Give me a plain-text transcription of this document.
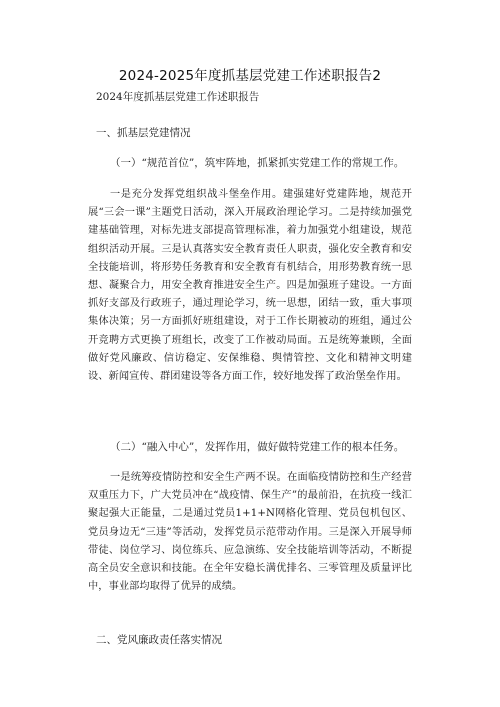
2024-2025年度抓基层党建工作述职报告2
2024年度抓基层党建工作述职报告
一、抓基层党建情况
（一）“规范首位”，筑牢阵地，抓紧抓实党建工作的常规工作。
一是充分发挥党组织战斗堡垒作用。建强建好党建阵地，规范开展“三会一课”主题党日活动，深入开展政治理论学习。二是持续加强党建基础管理，对标先进支部提高管理标准，着力加强党小组建设，规范组织活动开展。三是认真落实安全教育责任人职责，强化安全教育和安全技能培训，将形势任务教育和安全教育有机结合，用形势教育统一思想、凝聚合力，用安全教育推进安全生产。四是加强班子建设。一方面抓好支部及行政班子，通过理论学习，统一思想，团结一致，重大事项集体决策；另一方面抓好班组建设，对于工作长期被动的班组，通过公开竞聘方式更换了班组长，改变了工作被动局面。五是统筹兼顾，全面做好党风廉政、信访稳定、安保维稳、舆情管控、文化和精神文明建设、新闻宣传、群团建设等各方面工作，较好地发挥了政治堡垒作用。
（二）“融入中心”，发挥作用，做好做特党建工作的根本任务。
一是统筹疫情防控和安全生产两不误。在面临疫情防控和生产经营双重压力下，广大党员冲在“战疫情、保生产”的最前沿，在抗疫一线汇聚起强大正能量，二是通过党员1+1+N网格化管理、党员包机包区、党员身边无“三违”等活动，发挥党员示范带动作用。三是深入开展导师带徒、岗位学习、岗位练兵、应急演练、安全技能培训等活动，不断提高全员安全意识和技能。在全年安稳长满优排名、三零管理及质量评比中，事业部均取得了优异的成绩。
二、党风廉政责任落实情况
